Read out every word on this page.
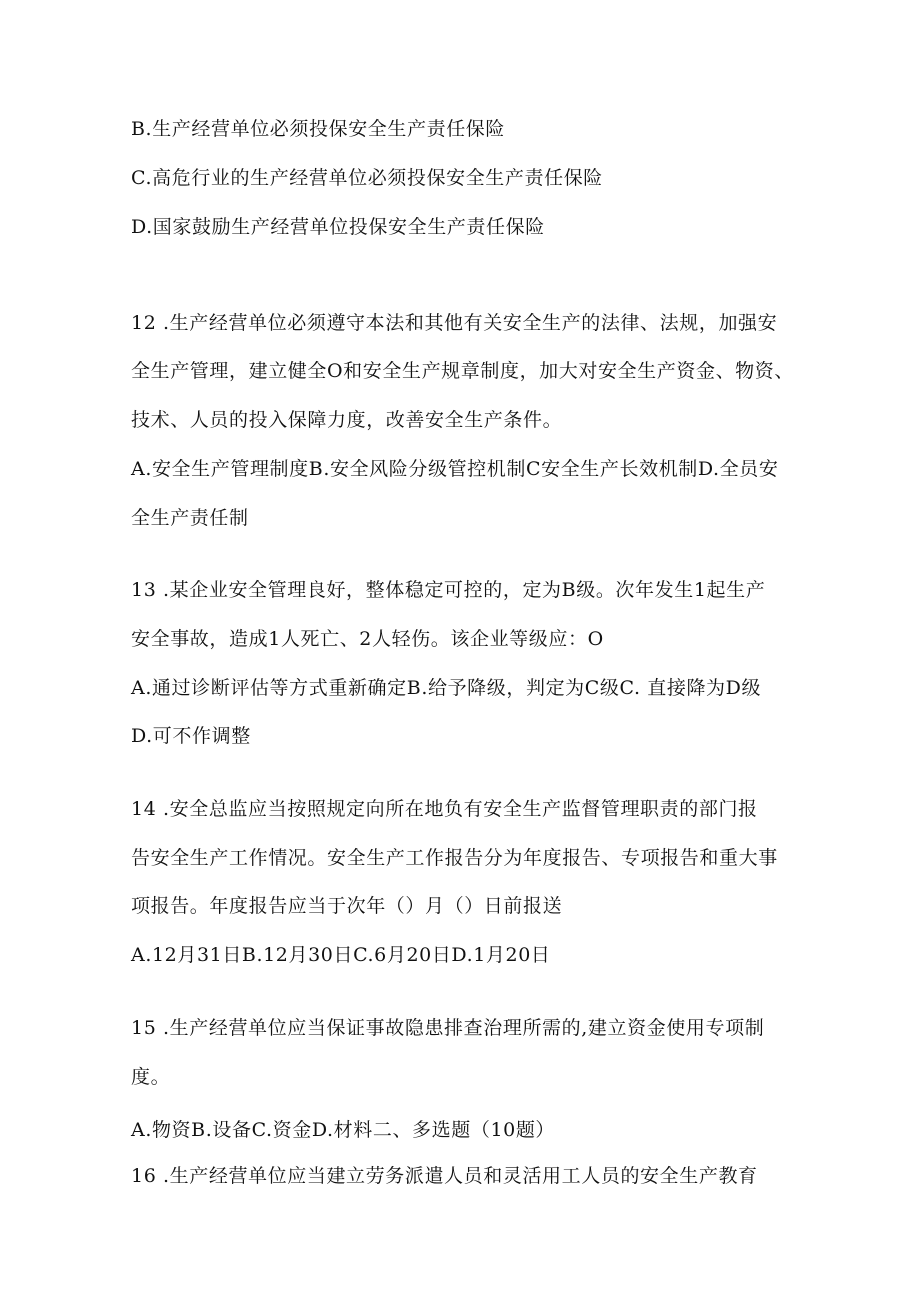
B.生产经营单位必须投保安全生产责任保险
C.高危行业的生产经营单位必须投保安全生产责任保险
D.国家鼓励生产经营单位投保安全生产责任保险
12 .生产经营单位必须遵守本法和其他有关安全生产的法律、法规，加强安
全生产管理，建立健全O和安全生产规章制度，加大对安全生产资金、物资、
技术、人员的投入保障力度，改善安全生产条件。
A.安全生产管理制度B.安全风险分级管控机制C安全生产长效机制D.全员安
全生产责任制
13 .某企业安全管理良好，整体稳定可控的，定为B级。次年发生1起生产
安全事故，造成1人死亡、2人轻伤。该企业等级应：O
A.通过诊断评估等方式重新确定B.给予降级，判定为C级C. 直接降为D级
D.可不作调整
14 .安全总监应当按照规定向所在地负有安全生产监督管理职责的部门报
告安全生产工作情况。安全生产工作报告分为年度报告、专项报告和重大事
项报告。年度报告应当于次年（）月（）日前报送
A.12月31日B.12月30日C.6月20日D.1月20日
15 .生产经营单位应当保证事故隐患排查治理所需的,建立资金使用专项制
度。
A.物资B.设备C.资金D.材料二、多选题（10题）
16 .生产经营单位应当建立劳务派遣人员和灵活用工人员的安全生产教育
